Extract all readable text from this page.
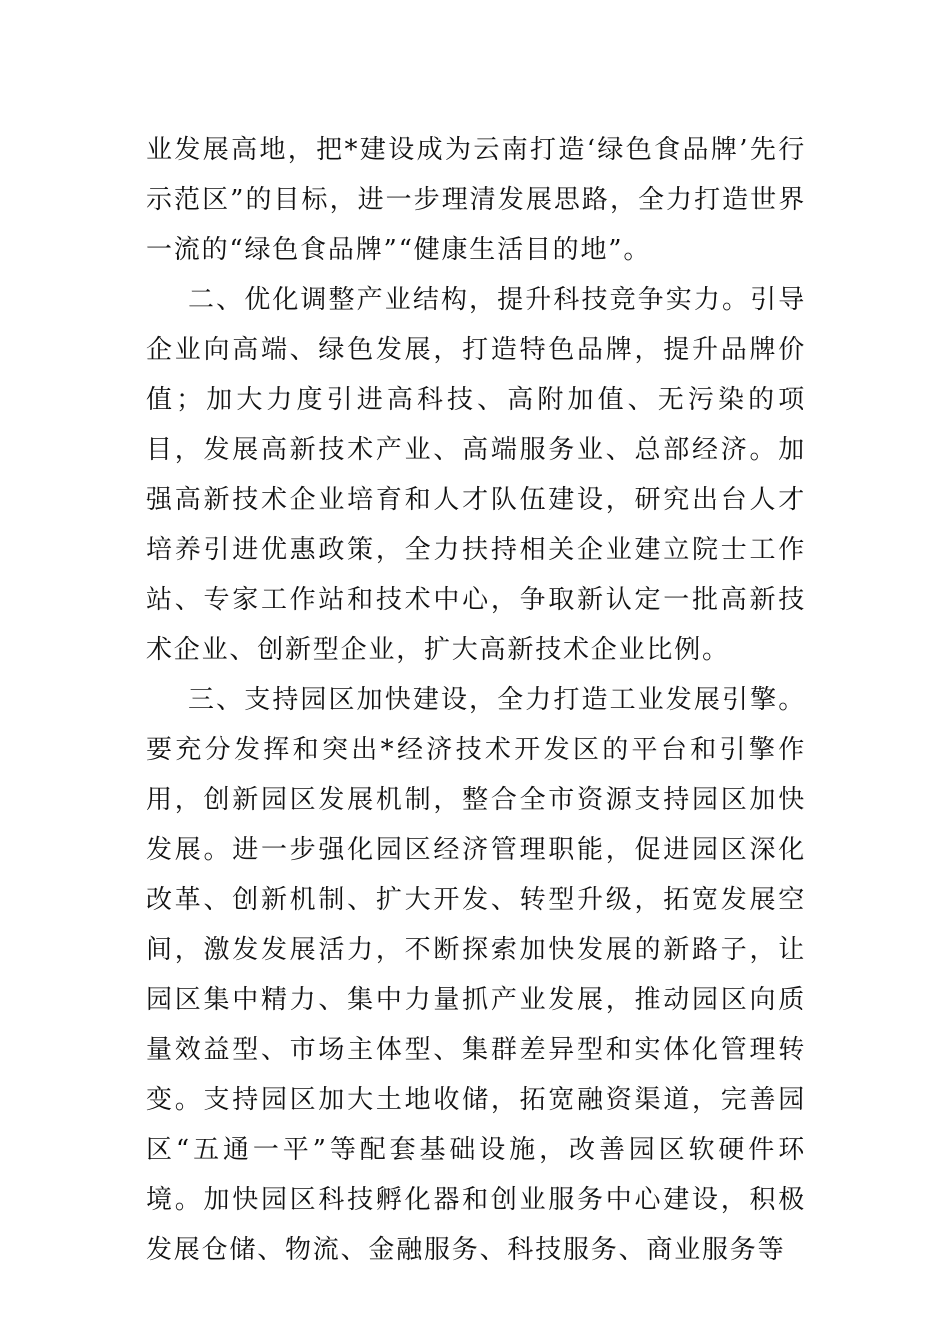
业发展高地，把*建设成为云南打造‘绿色食品牌’先行示范区”的目标，进一步理清发展思路，全力打造世界一流的“绿色食品牌”“健康生活目的地”。

二、优化调整产业结构，提升科技竞争实力。引导企业向高端、绿色发展，打造特色品牌，提升品牌价值；加大力度引进高科技、高附加值、无污染的项目，发展高新技术产业、高端服务业、总部经济。加强高新技术企业培育和人才队伍建设，研究出台人才培养引进优惠政策，全力扶持相关企业建立院士工作站、专家工作站和技术中心，争取新认定一批高新技术企业、创新型企业，扩大高新技术企业比例。

三、支持园区加快建设，全力打造工业发展引擎。要充分发挥和突出*经济技术开发区的平台和引擎作用，创新园区发展机制，整合全市资源支持园区加快发展。进一步强化园区经济管理职能，促进园区深化改革、创新机制、扩大开发、转型升级，拓宽发展空间，激发发展活力，不断探索加快发展的新路子，让园区集中精力、集中力量抓产业发展，推动园区向质量效益型、市场主体型、集群差异型和实体化管理转变。支持园区加大土地收储，拓宽融资渠道，完善园区“五通一平”等配套基础设施，改善园区软硬件环境。加快园区科技孵化器和创业服务中心建设，积极发展仓储、物流、金融服务、科技服务、商业服务等
